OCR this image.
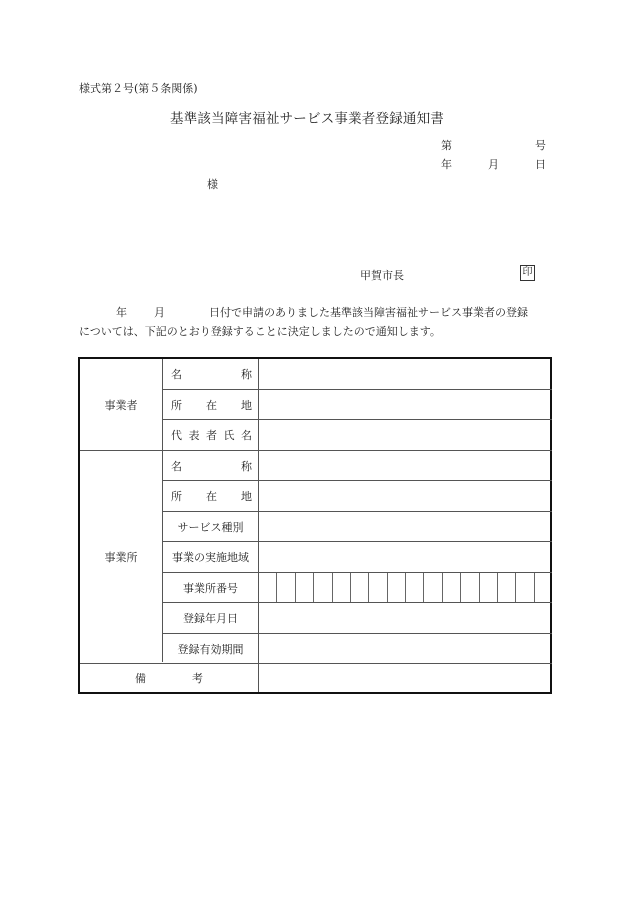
様式第２号(第５条関係)
基準該当障害福祉サービス事業者登録通知書
第	号
年	月	日
様
甲賀市長	印
年 月	日付で申請のありました基準該当障害福祉サービス事業者の登録
については、下記のとおり登録することに決定しましたので通知します。
事業者
名	称
所 在 地
代 表 者 氏 名
事業所
名	称
所 在 地
サービス種別
事業の実施地域
事業所番号
登録年月日
登録有効期間
備	考
